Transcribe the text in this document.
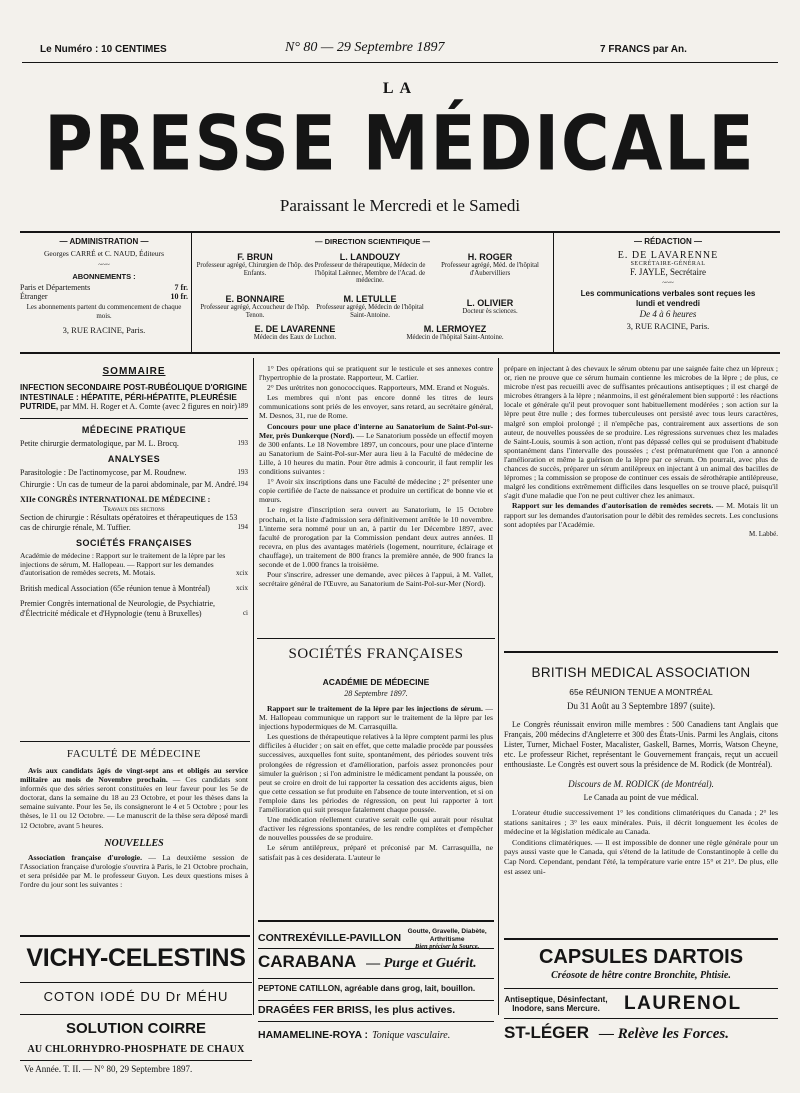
Le Numéro : 10 CENTIMES	N° 80 — 29 Septembre 1897	7 FRANCS par An.
LA
PRESSE MÉDICALE
Paraissant le Mercredi et le Samedi
— ADMINISTRATION —
Georges CARRÉ et C. NAUD, Éditeurs
~~~
ABONNEMENTS :
Paris et Départements	7 fr.
Étranger	10 fr.
Les abonnements partent du commencement de chaque mois.
3, RUE RACINE, Paris.
— DIRECTION SCIENTIFIQUE —
F. BRUN
Professeur agrégé, Chirurgien de l'hôp. des Enfants.
L. LANDOUZY
Professeur de thérapeutique, Médecin de l'hôpital Laënnec, Membre de l'Acad. de médecine.
H. ROGER
Professeur agrégé, Méd. de l'hôpital d'Aubervilliers
E. BONNAIRE
Professeur agrégé, Accoucheur de l'hôp. Tenon.
M. LETULLE
Professeur agrégé, Médecin de l'hôpital Saint-Antoine.
L. OLIVIER
Docteur ès sciences.
E. DE LAVARENNE
Médecin des Eaux de Luchon.
M. LERMOYEZ
Médecin de l'hôpital Saint-Antoine.
— RÉDACTION —
E. DE LAVARENNE
SECRÉTAIRE-GÉNÉRAL
F. JAYLE, Secrétaire
~~~
Les communications verbales sont reçues les lundi et vendredi
De 4 à 6 heures
3, RUE RACINE, Paris.
SOMMAIRE
INFECTION SECONDAIRE POST-RUBÉOLIQUE D'ORIGINE INTESTINALE : HÉPATITE, PÉRI-HÉPATITE, PLEURÉSIE PUTRIDE, par MM. H. Roger et A. Comte (avec 2 figures en noir) 189
MÉDECINE PRATIQUE
Petite chirurgie dermatologique, par M. L. Brocq.	193
ANALYSES
Parasitologie : De l'actinomycose, par M. Roudnew.	193
Chirurgie : Un cas de tumeur de la paroi abdominale, par M. André. 194
XIIe CONGRÈS INTERNATIONAL DE MÉDECINE :
Travaux des sections
Section de chirurgie : Résultats opératoires et thérapeutiques de 153 cas de chirurgie rénale, M. Tuffier.	194
SOCIÉTÉS FRANÇAISES
Académie de médecine : Rapport sur le traitement de la lèpre par les injections de sérum, M. Hallopeau. — Rapport sur les demandes d'autorisation de remèdes secrets, M. Motais.	xcix
British medical Association (65e réunion tenue à Montréal)	xcix
Premier Congrès international de Neurologie, de Psychiatrie, d'Électricité médicale et d'Hypnologie (tenu à Bruxelles)	ci
FACULTÉ DE MÉDECINE

Avis aux candidats âgés de vingt-sept ans et obligés au service militaire au mois de Novembre prochain. — Ces candidats sont informés que des séries seront constituées en leur faveur pour les 5e de doctorat, dans la semaine du 18 au 23 Octobre, et pour les thèses dans la semaine suivante. Pour les 5e, ils consigneront le 4 et 5 Octobre ; pour les thèses, le 11 ou 12 Octobre. — Le manuscrit de la thèse sera déposé mardi 12 Octobre, avant 5 heures.

NOUVELLES

Association française d'urologie. — La deuxième session de l'Association française d'urologie s'ouvrira à Paris, le 21 Octobre prochain, et sera présidée par M. le professeur Guyon. Les deux questions mises à l'ordre du jour sont les suivantes :

1° Des opérations qui se pratiquent sur le testicule et ses annexes contre l'hypertrophie de la prostate. Rapporteur, M. Carlier.

2° Des urétrites non gonococciques. Rapporteurs, MM. Erand et Noguès.

Les membres qui n'ont pas encore donné les titres de leurs communications sont priés de les envoyer, sans retard, au secrétaire général, M. Desnos, 31, rue de Rome.

Concours pour une place d'interne au Sanatorium de Saint-Pol-sur-Mer, près Dunkerque (Nord). — Le Sanatorium possède un effectif moyen de 300 enfants. Le 18 Novembre 1897, un concours, pour une place d'interne au Sanatorium de Saint-Pol-sur-Mer aura lieu à la Faculté de médecine de Lille, à 10 heures du matin. Pour être admis à concourir, il faut remplir les conditions suivantes :

1° Avoir six inscriptions dans une Faculté de médecine ; 2° présenter une copie certifiée de l'acte de naissance et produire un certificat de bonne vie et mœurs.

Le registre d'inscription sera ouvert au Sanatorium, le 15 Octobre prochain, et la liste d'admission sera définitivement arrêtée le 10 novembre. L'interne sera nommé pour un an, à partir du 1er Décembre 1897, avec faculté de prorogation par la Commission pendant deux autres années. Il recevra, en plus des avantages matériels (logement, nourriture, éclairage et chauffage), un traitement de 800 francs la première année, de 900 francs la seconde et de 1.000 francs la troisième.

Pour s'inscrire, adresser une demande, avec pièces à l'appui, à M. Vallet, secrétaire général de l'Œuvre, au Sanatorium de Saint-Pol-sur-Mer (Nord).

SOCIÉTÉS FRANÇAISES
ACADÉMIE DE MÉDECINE
28 Septembre 1897.

Rapport sur le traitement de la lèpre par les injections de sérum. — M. Hallopeau communique un rapport sur le traitement de la lèpre par les injections hypodermiques de M. Carrasquilla.

Les questions de thérapeutique relatives à la lèpre comptent parmi les plus difficiles à élucider ; on sait en effet, que cette maladie procède par poussées successives, auxquelles font suite, spontanément, des périodes souvent très prolongées de régression et d'amélioration, parfois assez prononcées pour simuler la guérison ; si l'on administre le médicament pendant la poussée, on peut se croire en droit de lui rapporter la cessation des accidents aigus, bien que cette cessation se fut produite en l'absence de toute intervention, et si on l'emploie dans les périodes de régression, on peut lui rapporter à tort l'amélioration qui suit presque fatalement chaque poussée.

Une médication réellement curative serait celle qui aurait pour résultat d'activer les régressions spontanées, de les rendre complètes et d'empêcher de nouvelles poussées de se produire.

Le sérum antilépreux, préparé et préconisé par M. Carrasquilla, ne satisfait pas à ces desiderata. L'auteur le

prépare en injectant à des chevaux le sérum obtenu par une saignée faite chez un lépreux ; or, rien ne prouve que ce sérum humain contienne les microbes de la lèpre ; de plus, ce microbe n'est pas recueilli avec de suffisantes précautions antiseptiques ; il est chargé de microbes étrangers à la lèpre ; néanmoins, il est généralement bien supporté : les réactions locale et générale qu'il peut provoquer sont habituellement modérées ; son action sur la lèpre peut être nulle ; des formes tuberculeuses ont persisté avec tous leurs caractères, malgré son emploi prolongé ; il n'empêche pas, contrairement aux assertions de son auteur, de nouvelles poussées de se produire. Les régressions survenues chez les malades de Saint-Louis, soumis à son action, n'ont pas dépassé celles qui se produisent d'habitude spontanément dans l'intervalle des poussées ; c'est prématurément que l'on a annoncé l'amélioration et même la guérison de la lèpre par ce sérum. On pourrait, avec plus de chances de succès, préparer un sérum antilépreux en injectant à un animal des bacilles de lépromes ; la commission se propose de continuer ces essais de sérothérapie antilépreuse, malgré les conditions extrêmement difficiles dans lesquelles on se trouve placé, puisqu'il s'agit d'une maladie que l'on ne peut cultiver chez les animaux.

Rapport sur les demandes d'autorisation de remèdes secrets. — M. Motais lit un rapport sur les demandes d'autorisation pour le débit des remèdes secrets. Les conclusions sont adoptées par l'Académie.

M. Labbé.
BRITISH MEDICAL ASSOCIATION
65e RÉUNION TENUE A MONTRÉAL
Du 31 Août au 3 Septembre 1897 (suite).

Le Congrès réunissait environ mille membres : 500 Canadiens tant Anglais que Français, 200 médecins d'Angleterre et 300 des États-Unis. Parmi les Anglais, citons Lister, Turner, Michael Foster, Macalister, Gaskell, Barnes, Morris, Watson Cheyne, etc. Le professeur Richet, représentant le Gouvernement français, reçut un accueil enthousiaste. Le Congrès est ouvert sous la présidence de M. Rodick (de Montréal).

Discours de M. RODICK (de Montréal).
Le Canada au point de vue médical.

L'orateur étudie successivement 1° les conditions climatériques du Canada ; 2° les stations sanitaires ; 3° les eaux minérales. Puis, il décrit longuement les écoles de médecine et la législation médicale au Canada.

Conditions climatériques. — Il est impossible de donner une règle générale pour un pays aussi vaste que le Canada, qui s'étend de la latitude de Constantinople à celle du Cap Nord. Cependant, pendant l'été, la température varie entre 15° et 21°. De plus, elle est assez uni-

VICHY-CELESTINS
COTON IODÉ DU Dr MÉHU
SOLUTION COIRRE
AU CHLORHYDRO-PHOSPHATE DE CHAUX
CONTREXÉVILLE-PAVILLON Goutte, Gravelle, Diabète, Arthritisme
Bien préciser la Source.
CARABANA — Purge et Guérit.
PEPTONE CATILLON, agréable dans grog, lait, bouillon.
DRAGÉES FER BRISS, les plus actives.
HAMAMELINE-ROYA : Tonique vasculaire.
CAPSULES DARTOIS
Créosote de hêtre contre Bronchite, Phtisie.
Antiseptique, Désinfectant, Inodore, sans Mercure. LAURENOL
ST-LÉGER — Relève les Forces.
Ve Année. T. II. — N° 80, 29 Septembre 1897.
